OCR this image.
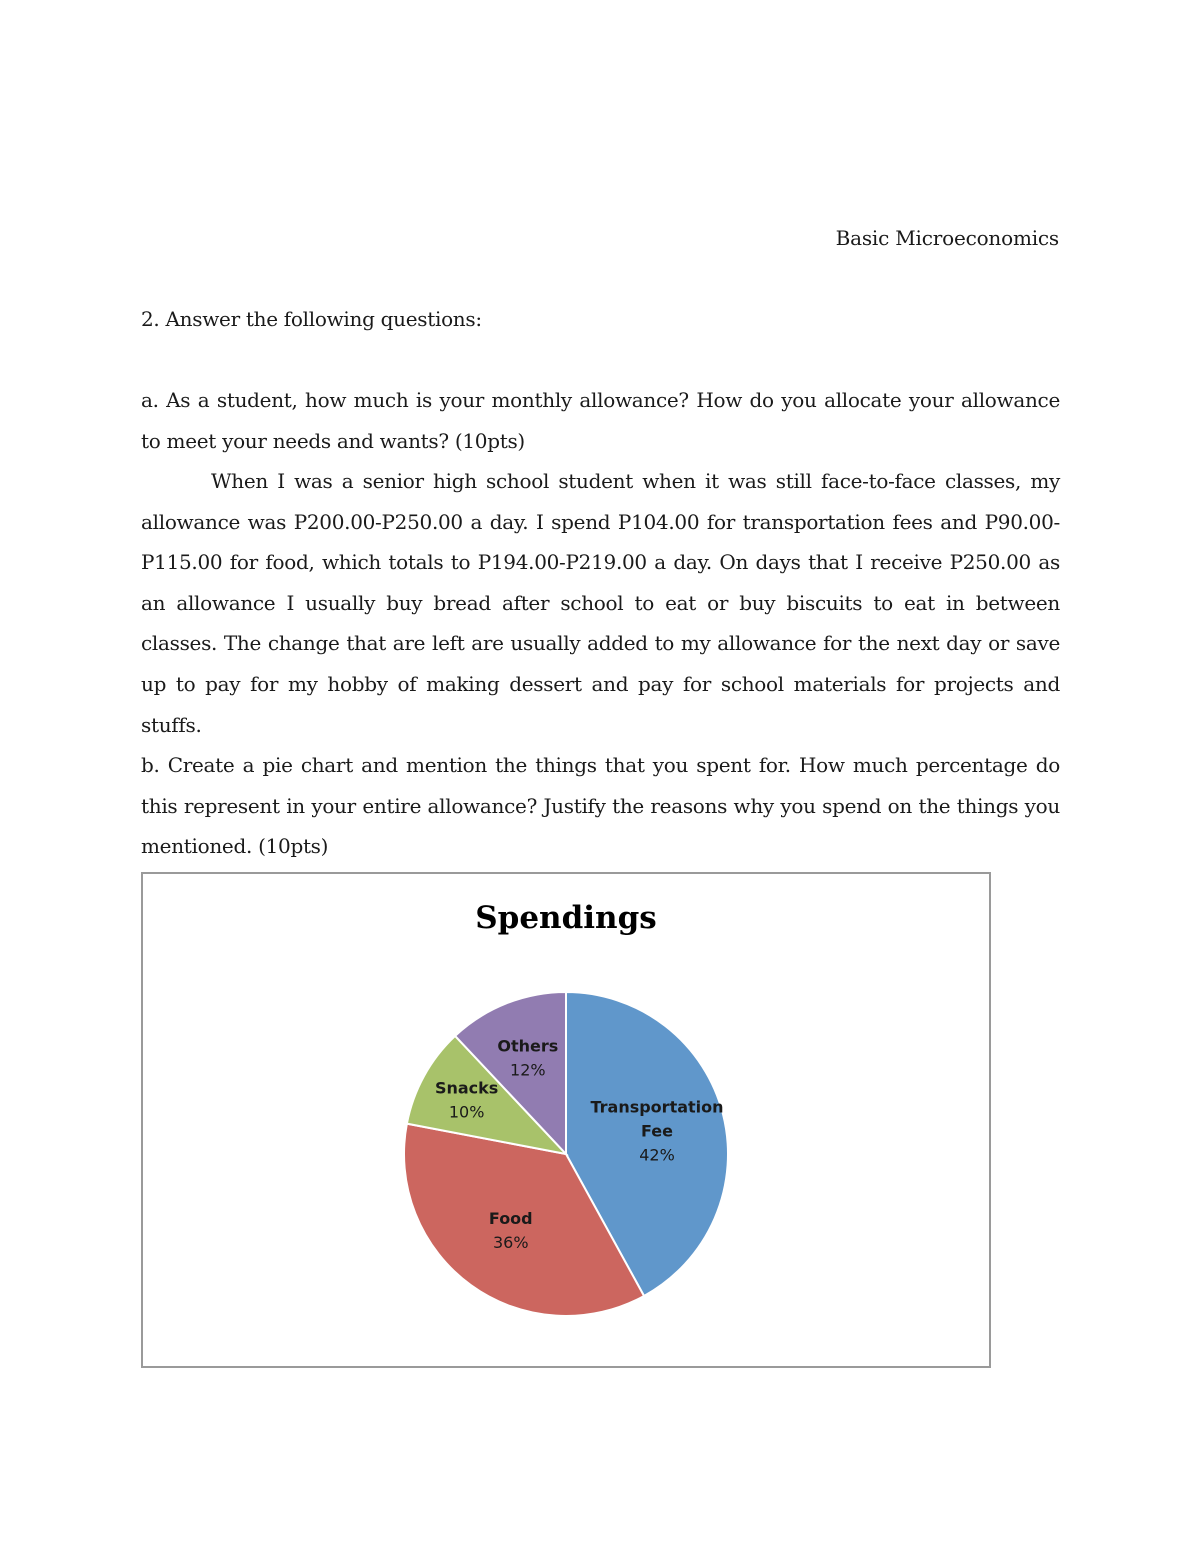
Basic Microeconomics

2. Answer the following questions:

a. As a student, how much is your monthly allowance? How do you allocate your allowance to meet your needs and wants? (10pts)

When I was a senior high school student when it was still face-to-face classes, my allowance was P200.00-P250.00 a day. I spend P104.00 for transportation fees and P90.00-P115.00 for food, which totals to P194.00-P219.00 a day. On days that I receive P250.00 as an allowance I usually buy bread after school to eat or buy biscuits to eat in between classes. The change that are left are usually added to my allowance for the next day or save up to pay for my hobby of making dessert and pay for school materials for projects and stuffs.

b. Create a pie chart and mention the things that you spent for. How much percentage do this represent in your entire allowance? Justify the reasons why you spend on the things you mentioned. (10pts)

Spendings
Transportation
Fee
42%
Food
36%
Snacks
10%
Others
12%
